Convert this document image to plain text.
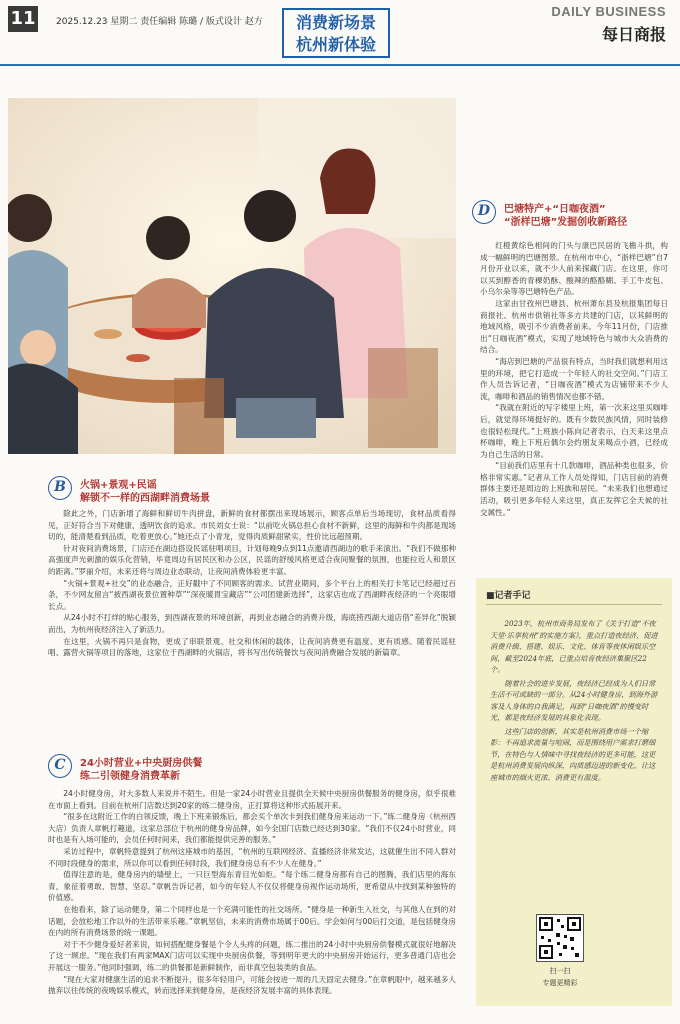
11 2025.12.23 星期二 责任编辑 陈璐 / 版式设计 赵方	消费新场景
杭州新体验
DAILY BUSINESS
每日商报
B	火锅+景观+民谣
解锁不一样的西湖畔消费场景

除此之外，门店新增了海鲜和鲜切牛肉拼盘，新鲜的食材都摆出来现场展示，顾客点单后当场现切，食材品质看得见，正好符合当下对健康、透明饮食的追求。市民刘女士说：“以前吃火锅总担心食材不新鲜，这里的海鲜和牛肉都是现场切的，能清楚看到品质，吃着更放心。”她还点了小青龙，觉得肉质鲜甜紧实，性价比远超预期。

针对夜间消费场景，门店还在湖边搭设民谣驻唱项目，计划每晚9点到11点邀请西湖边的歌手来演出。“我们不做那种高强度声光刺激的娱乐化营销，毕竟周边有居民区和办公区，民谣的舒缓风格更适合夜间聚餐的氛围，也能拉近人和景区的距离。”罗丽介绍，未来还将与周边业态联动，让夜间消费体验更丰富。

“火锅+景观+社交”的业态融合，正好戳中了不同顾客的需求。试营业期间，多个平台上的相关打卡笔记已经超过百条，不少网友留言“被西湖夜景位置种草”“深夜暖胃宝藏店”“公司团建新选择”，这家店也成了西湖畔夜经济的一个亮眼增长点。

从24小时不打烊的贴心服务，到西湖夜景的环境创新，再到业态融合的消费升级，海底捞西湖大道店借“差异化”脱颖而出，为杭州夜经济注入了新活力。

在这里，火锅不再只是食物，更成了串联景观、社交和休闲的载体，让夜间消费更有温度、更有质感。随着民谣驻唱、露营火锅等项目的落地，这家位于西湖畔的火锅店，将书写出传统餐饮与夜间消费融合发展的新篇章。

C	24小时营业+中央厨房供餐
练二引领健身消费革新

24小时健身房，对大多数人来说并不陌生。但是一家24小时营业且提供全天候中央厨房供餐服务的健身房，似乎很难在市面上看到。目前在杭州门店数达到20家的练二健身房，正打算将这种形式拓展开来。

“很多在这附近工作的白领反馈，晚上下班来锻炼后，都会买个单次卡到我们健身房来运动一下。”练二健身房（杭州西大店）负责人章帆打趣道，这家总部位于杭州的健身房品牌，如今全国门店数已经达到30家。“我们不仅24小时营业，同时也是有入场可能的，会员任何时间来，我们都能提供完善的服务。”

采访过程中，章帆特意提到了杭州这座城市的基因，“杭州的互联网经济、直播经济非常发达，这就催生出不同人群对不同时段健身的需求，所以你可以看到任何时段，我们健身房总有不少人在健身。”

值得注意的是，健身房内的墙壁上，一只巨型海东青目光如炬。“每个练二健身房都有自己的图腾，我们店里的海东青，象征着勇敢、智慧、坚忍。”章帆告诉记者，如今的年轻人不仅仅将健身房视作运动场所，更希望从中找到某种独特的价值感。

在他看来，除了运动健身，第二个同样也是一个充满可能性的社交场所。“健身是一种新生入社交，与其他人在到的对话题，会放松地工作以外的生活带来乐趣。”章帆坚信，未来的消费市场属于00后。学会如何与00后打交道，是包括健身房在内的所有消费场景的统一课题。

对于不少健身爱好者来说，如何搭配健身餐是个令人头疼的问题，练二推出的24小时中央厨房供餐模式就很好地解决了这一顾虑。“现在我们有两家MAX门店可以实现中央厨房供餐，等到明年更大的中央厨房开始运行，更多普通门店也会开展这一服务。”他同时强调，练二的供餐都是新鲜制作，而非真空包装类的食品。

“现在大家对健康生活的追求不断提升，很多年轻用户，可能会按进一周的几天固定去健身。”在章帆眼中，越来越多人抛弃以往传统的夜晚娱乐模式，转而选择来到健身房，是夜经济发展丰富的具体表现。

D	巴塘特产+“日咖夜酒”
“浙样巴塘”发掘创收新路径

红橙黄综色相间的门头与康巴民居的飞檐斗拱，构成一幅鲜明的巴塘图景。在杭州市中心，“浙样巴塘”自7月份开业以来，就不少人前来探藏门店。在这里，你可以买到醇香的青稞奶酥、酸辣的酪酪糊、手工牛皮包、小乌尔朵等等巴塘特色产品。

这家由甘孜州巴塘县、杭州萧东县及杭报集团每日商报社、杭州市供销社等多方共建的门店，以其鲜明的地域风格，吸引不少消费者前来。今年11月份，门店推出“日咖夜酒”模式，实现了地域特色与城市大众消费的结合。

“海店到巴塘的产品很有特点，当时我们就想利用这里的环境，把它打造成一个年轻人的社交空间。”门店工作人员告诉记者，“日咖夜酒”模式为店铺带来不少人流，咖啡和酒品的销售情况也都不错。

“我就在附近的写字楼里上班，第一次来这里买咖啡后，就觉得环境挺好的。既有少数民族风情，同时装修也很轻松现代。”上班族小陈向记者表示，白天来这里点杯咖啡，晚上下班后偶尔会约朋友来喝点小酒，已经成为自己生活的日常。

“目前我们店里有十几款咖啡，酒品种类也很多，价格非常实惠。”记者从工作人员处得知，门店目前的消费群体主要还是周边的上班族和居民。“未来我们也想通过活动，吸引更多年轻人来这里，真正发挥它全天候的社交属性。”

■记者手记

2023年，杭州市商务局发布了《关于打造“不夜天堂·乐享杭州”的实施方案》，重点打造夜经济、促进消费升级、搭建、娱乐、文化、体育等夜休闲娱乐空间，截至2024年底，已重点培育夜经济集聚区22个。

随着社会的进步发展，夜经济已经成为人们日常生活不可或缺的一部分。从24小时健身房，到海外游客及人身体的自我满足，再到“日咖夜酒”的慢变时光，都是夜经济发展的具象化表现。

这些门店的创新，其实是杭州消费市场一个缩影：不再追求流量与喧闹，而是围绕用户需求打磨细节，在特色与人情味中寻找夜经济的更多可能，这更是杭州消费发展向纵深，向质感迈进的新变化。让这座城市的烟火更浓、消费更有温度。

扫一扫
专题更精彩
